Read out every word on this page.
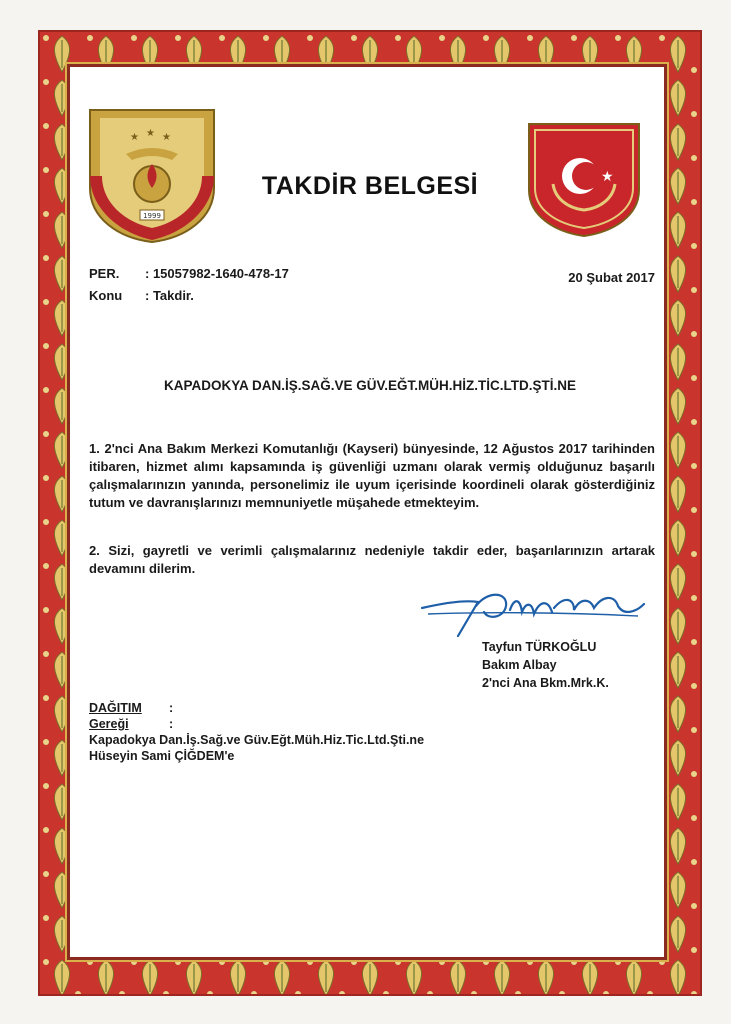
★ ★ ★
1999
★
TAKDİR BELGESİ
PER. : 15057982-1640-478-17
Konu : Takdir.
20 Şubat 2017
KAPADOKYA DAN.İŞ.SAĞ.VE GÜV.EĞT.MÜH.HİZ.TİC.LTD.ŞTİ.NE
1. 2'nci Ana Bakım Merkezi Komutanlığı (Kayseri) bünyesinde, 12 Ağustos 2017 tarihinden itibaren, hizmet alımı kapsamında iş güvenliği uzmanı olarak vermiş olduğunuz başarılı çalışmalarınızın yanında, personelimiz ile uyum içerisinde koordineli olarak gösterdiğiniz tutum ve davranışlarınızı memnuniyetle müşahede etmekteyim.
2. Sizi, gayretli ve verimli çalışmalarınız nedeniyle takdir eder, başarılarınızın artarak devamını dilerim.
Tayfun TÜRKOĞLU
Bakım Albay
2'nci Ana Bkm.Mrk.K.
DAĞITIM :
Gereği	:
Kapadokya Dan.İş.Sağ.ve Güv.Eğt.Müh.Hiz.Tic.Ltd.Şti.ne
Hüseyin Sami ÇİĞDEM'e
